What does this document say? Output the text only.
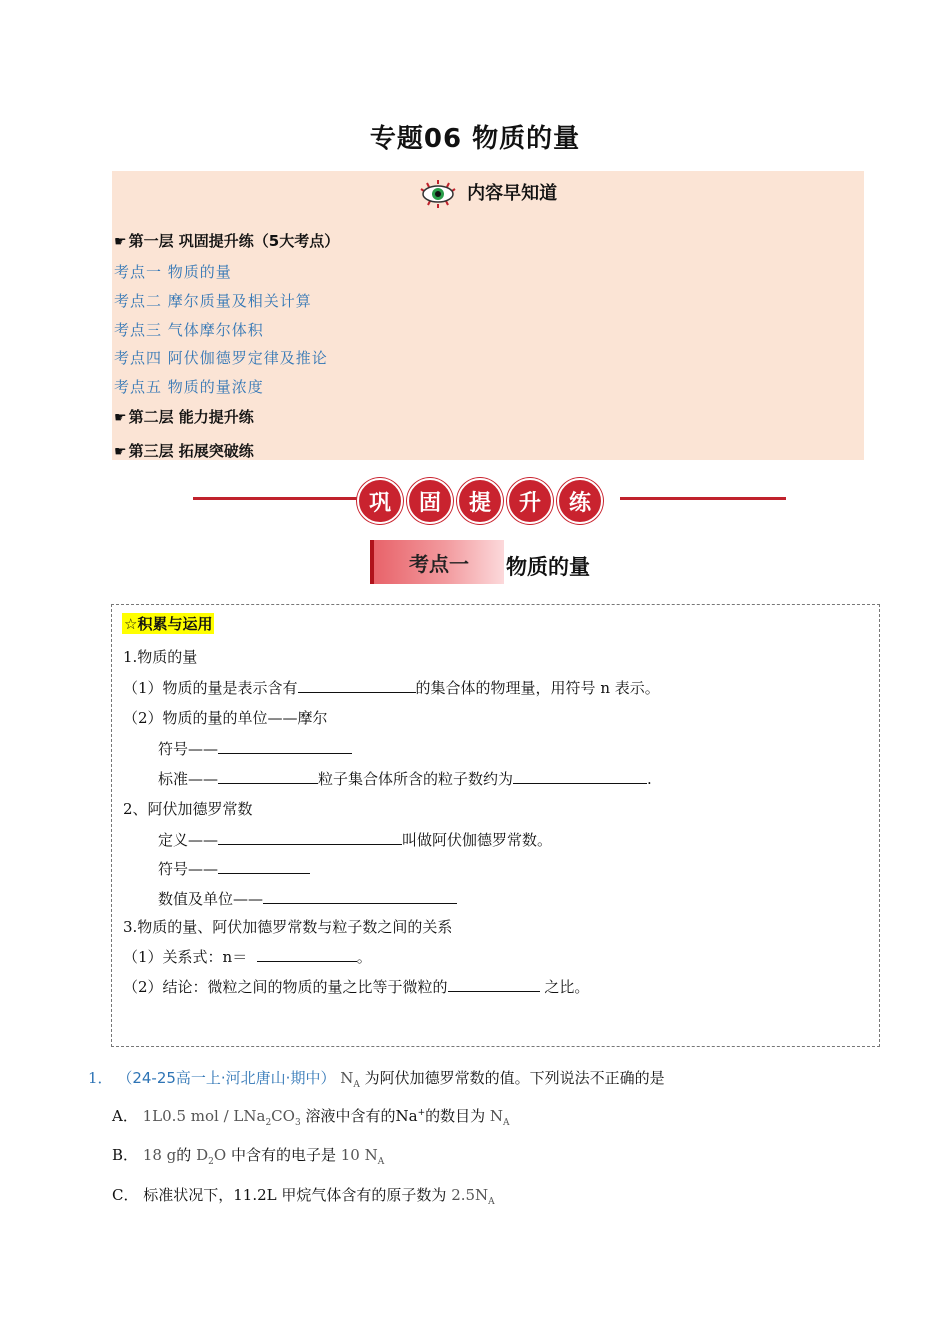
专题06 物质的量
内容早知道
☛ 第一层 巩固提升练（5大考点）
考点一 物质的量
考点二 摩尔质量及相关计算
考点三 气体摩尔体积
考点四 阿伏伽德罗定律及推论
考点五 物质的量浓度
☛ 第二层 能力提升练
☛ 第三层 拓展突破练
巩	固	提	升	练
考点一	物质的量
☆积累与运用
1.物质的量
（1）物质的量是表示含有	的集合体的物理量，用符号 n 表示。
（2）物质的量的单位——摩尔
符号——
标准——	粒子集合体所含的粒子数约为	.
2、阿伏加德罗常数
定义——	叫做阿伏伽德罗常数。
符号——
数值及单位——
3.物质的量、阿伏加德罗常数与粒子数之间的关系
（1）关系式：n＝	。
（2）结论：微粒之间的物质的量之比等于微粒的	之比。
1． （24-25高一上·河北唐山·期中） $N_A$ 为阿伏加德罗常数的值。下列说法不正确的是
A． 1L0.5 mol / $LNa_2CO_3$ 溶液中含有的Na+的数目为 $N_A$
B． 18 g的 $D_2O$ 中含有的电子是 10 $N_A$
C． 标准状况下，11.2L 甲烷气体含有的原子数为 $2.5N_A$
